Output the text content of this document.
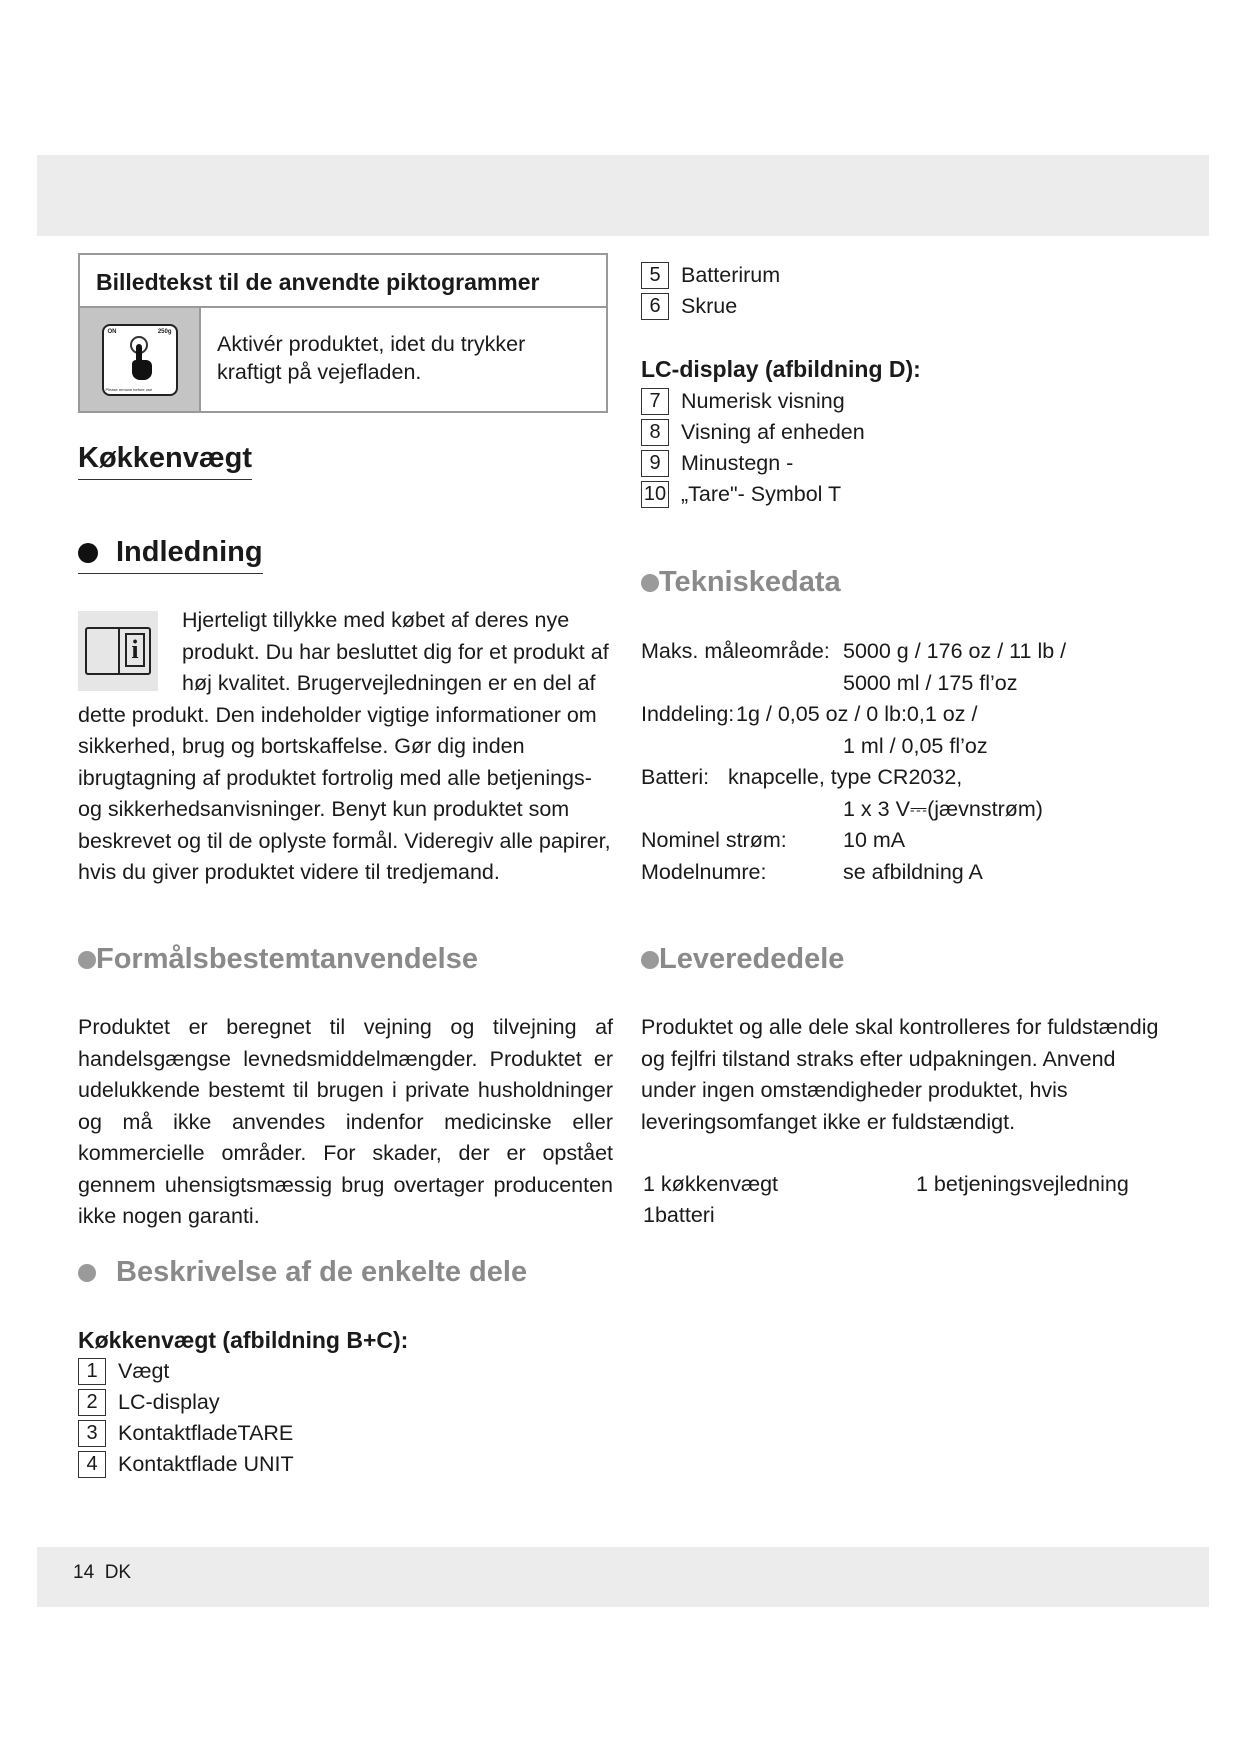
Billedtekst til de anvendte piktogrammer
ON	250g
Please remove before use
Aktivér produktet, idet du trykker kraftigt på vejefladen.
Køkkenvægt
Indledning
i
Hjerteligt tillykke med købet af deres nye produkt. Du har besluttet dig for et produkt af høj kvalitet. Brugervejledningen er en del af dette produkt. Den indeholder vigtige informationer om sikkerhed, brug og bortskaffelse. Gør dig inden ibrugtagning af produktet fortrolig med alle betjenings- og sikkerhedsanvisninger. Benyt kun produktet som beskrevet og til de oplyste formål. Videregiv alle papirer, hvis du giver produktet videre til tredjemand.
Formålsbestemtanvendelse
Produktet er beregnet til vejning og tilvejning af handelsgængse levnedsmiddelmængder. Produktet er udelukkende bestemt til brugen i private husholdninger og må ikke anvendes indenfor medicinske eller kommercielle områder. For skader, der er opstået gennem uhensigtsmæssig brug overtager producenten ikke nogen garanti.
Beskrivelse af de enkelte dele
Køkkenvægt (afbildning B+C):
1 Vægt
2 LC-display
3 KontaktfladeTARE
4 Kontaktflade UNIT
5 Batterirum
6 Skrue
LC-display (afbildning D):
7 Numerisk visning
8 Visning af enheden
9 Minustegn -
10 „Tare"- Symbol T
Tekniskedata
Maks. måleområde: 5000 g / 176 oz / 11 lb /
5000 ml / 175 fl’oz
Inddeling: 1g / 0,05 oz / 0 lb:0,1 oz /
1 ml / 0,05 fl’oz
Batteri: knapcelle, type CR2032,
1 x 3 V⎓(jævnstrøm)
Nominel strøm:	10 mA
Modelnumre:	se afbildning A
Leverededele
Produktet og alle dele skal kontrolleres for fuldstændig og fejlfri tilstand straks efter udpakningen. Anvend under ingen omstændigheder produktet, hvis leveringsomfanget ikke er fuldstændigt.
1 køkkenvægt	1 betjeningsvejledning
1batteri
14 DK
